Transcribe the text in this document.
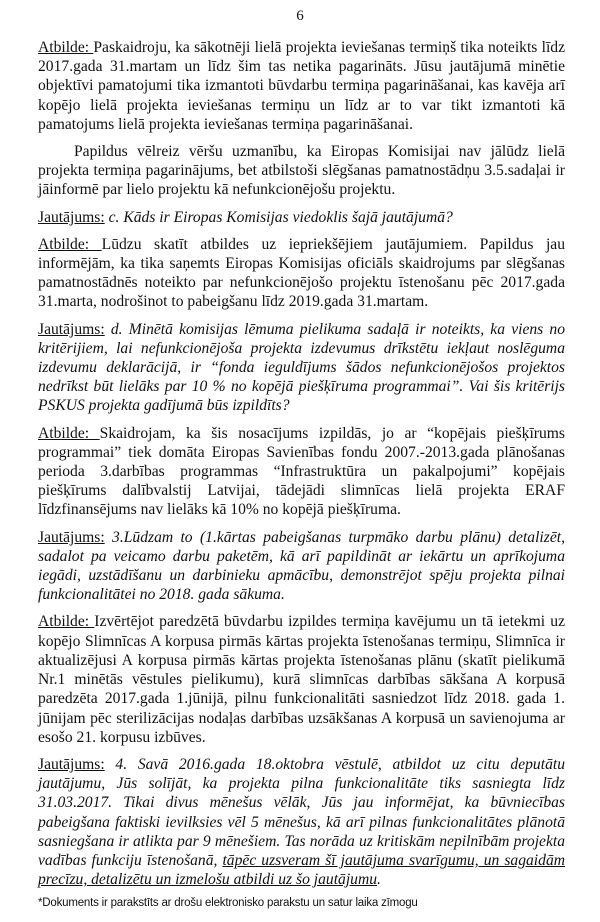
6

Atbilde: Paskaidroju, ka sākotnēji lielā projekta ieviešanas termiņš tika noteikts līdz 2017.gada 31.martam un līdz šim tas netika pagarināts. Jūsu jautājumā minētie objektīvi pamatojumi tika izmantoti būvdarbu termiņa pagarināšanai, kas kavēja arī kopējo lielā projekta ieviešanas termiņu un līdz ar to var tikt izmantoti kā pamatojums lielā projekta ieviešanas termiņa pagarināšanai.

Papildus vēlreiz vēršu uzmanību, ka Eiropas Komisijai nav jālūdz lielā projekta termiņa pagarinājums, bet atbilstoši slēgšanas pamatnostādņu 3.5.sadaļai ir jāinformē par lielo projektu kā nefunkcionējošu projektu.

Jautājums: c. Kāds ir Eiropas Komisijas viedoklis šajā jautājumā?

Atbilde: Lūdzu skatīt atbildes uz iepriekšējiem jautājumiem. Papildus jau informējām, ka tika saņemts Eiropas Komisijas oficiāls skaidrojums par slēgšanas pamatnostādnēs noteikto par nefunkcionējošo projektu īstenošanu pēc 2017.gada 31.marta, nodrošinot to pabeigšanu līdz 2019.gada 31.martam.

Jautājums: d. Minētā komisijas lēmuma pielikuma sadaļā ir noteikts, ka viens no kritērijiem, lai nefunkcionējoša projekta izdevumus drīkstētu iekļaut noslēguma izdevumu deklarācijā, ir “fonda ieguldījums šādos nefunkcionējošos projektos nedrīkst būt lielāks par 10 % no kopējā piešķīruma programmai”. Vai šis kritērijs PSKUS projekta gadījumā būs izpildīts?

Atbilde: Skaidrojam, ka šis nosacījums izpildās, jo ar “kopējais piešķīrums programmai” tiek domāta Eiropas Savienības fondu 2007.-2013.gada plānošanas perioda 3.darbības programmas “Infrastruktūra un pakalpojumi” kopējais piešķīrums dalībvalstij Latvijai, tādejādi slimnīcas lielā projekta ERAF līdzfinansējums nav lielāks kā 10% no kopējā piešķīruma.

Jautājums: 3.Lūdzam to (1.kārtas pabeigšanas turpmāko darbu plānu) detalizēt, sadalot pa veicamo darbu paketēm, kā arī papildināt ar iekārtu un aprīkojuma iegādi, uzstādīšanu un darbinieku apmācību, demonstrējot spēju projekta pilnai funkcionalitātei no 2018. gada sākuma.

Atbilde: Izvērtējot paredzētā būvdarbu izpildes termiņa kavējumu un tā ietekmi uz kopējo Slimnīcas A korpusa pirmās kārtas projekta īstenošanas termiņu, Slimnīca ir aktualizējusi A korpusa pirmās kārtas projekta īstenošanas plānu (skatīt pielikumā Nr.1 minētās vēstules pielikumu), kurā slimnīcas darbības sākšana A korpusā paredzēta 2017.gada 1.jūnijā, pilnu funkcionalitāti sasniedzot līdz 2018. gada 1. jūnijam pēc sterilizācijas nodaļas darbības uzsākšanas A korpusā un savienojuma ar esošo 21. korpusu izbūves.

Jautājums: 4. Savā 2016.gada 18.oktobra vēstulē, atbildot uz citu deputātu jautājumu, Jūs solījāt, ka projekta pilna funkcionalitāte tiks sasniegta līdz 31.03.2017. Tikai divus mēnešus vēlāk, Jūs jau informējat, ka būvniecības pabeigšana faktiski ievilksies vēl 5 mēnešus, kā arī pilnas funkcionalitātes plānotā sasniegšana ir atlikta par 9 mēnešiem. Tas norāda uz kritiskām nepilnībām projekta vadības funkciju īstenošanā, tāpēc uzsveram šī jautājuma svarīgumu, un sagaidām precīzu, detalizētu un izmelošu atbildi uz šo jautājumu.

*Dokuments ir parakstīts ar drošu elektronisko parakstu un satur laika zīmogu
